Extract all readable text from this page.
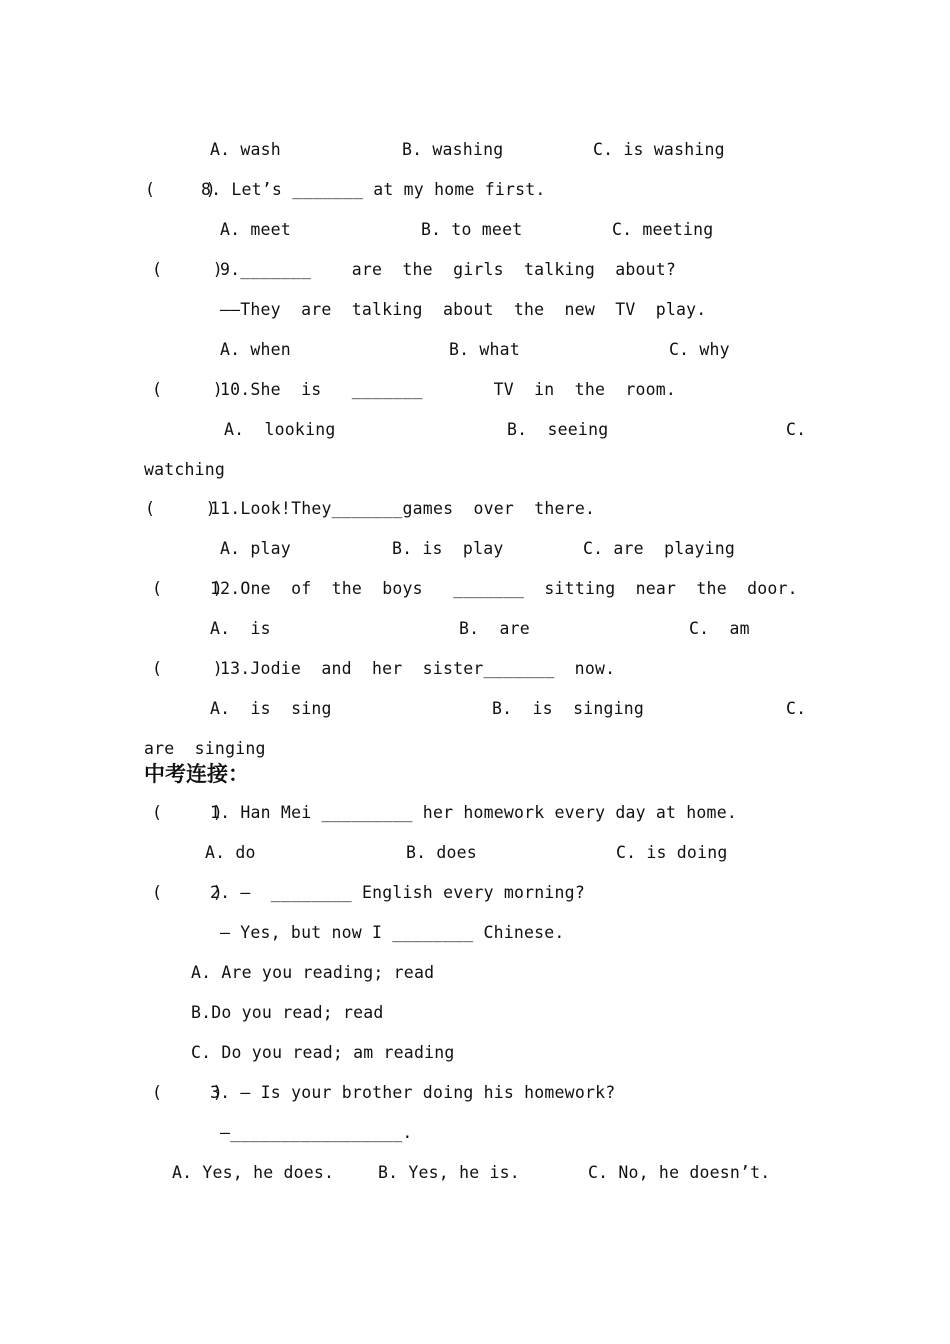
A. wash	B. washing	C. is washing
(     )
8. Let’s _______ at my home first.
A. meet	B. to meet	C. meeting
(     )
9._______    are  the  girls  talking  about?
——They  are  talking  about  the  new  TV  play.
A. when	B. what	C. why
(     )
10.She  is   _______       TV  in  the  room.
A.  looking	B.  seeing	C.
watching
(     )
11.Look!They_______games  over  there.
A. play	B. is  play	C. are  playing
(     )
12.One  of  the  boys   _______  sitting  near  the  door.
A.  is	B.  are	C.  am
(     )
13.Jodie  and  her  sister_______  now.
A.  is  sing	B.  is  singing	C.
are  singing
中考连接：
(     )
1. Han Mei _________ her homework every day at home.
A. do	B. does	C. is doing
(     )
2. —  ________ English every morning?
— Yes, but now I ________ Chinese.
A. Are you reading; read
B.Do you read; read
C. Do you read; am reading
(     )
3. — Is your brother doing his homework?
—_________________.
A. Yes, he does.	B. Yes, he is.	C. No, he doesn’t.
